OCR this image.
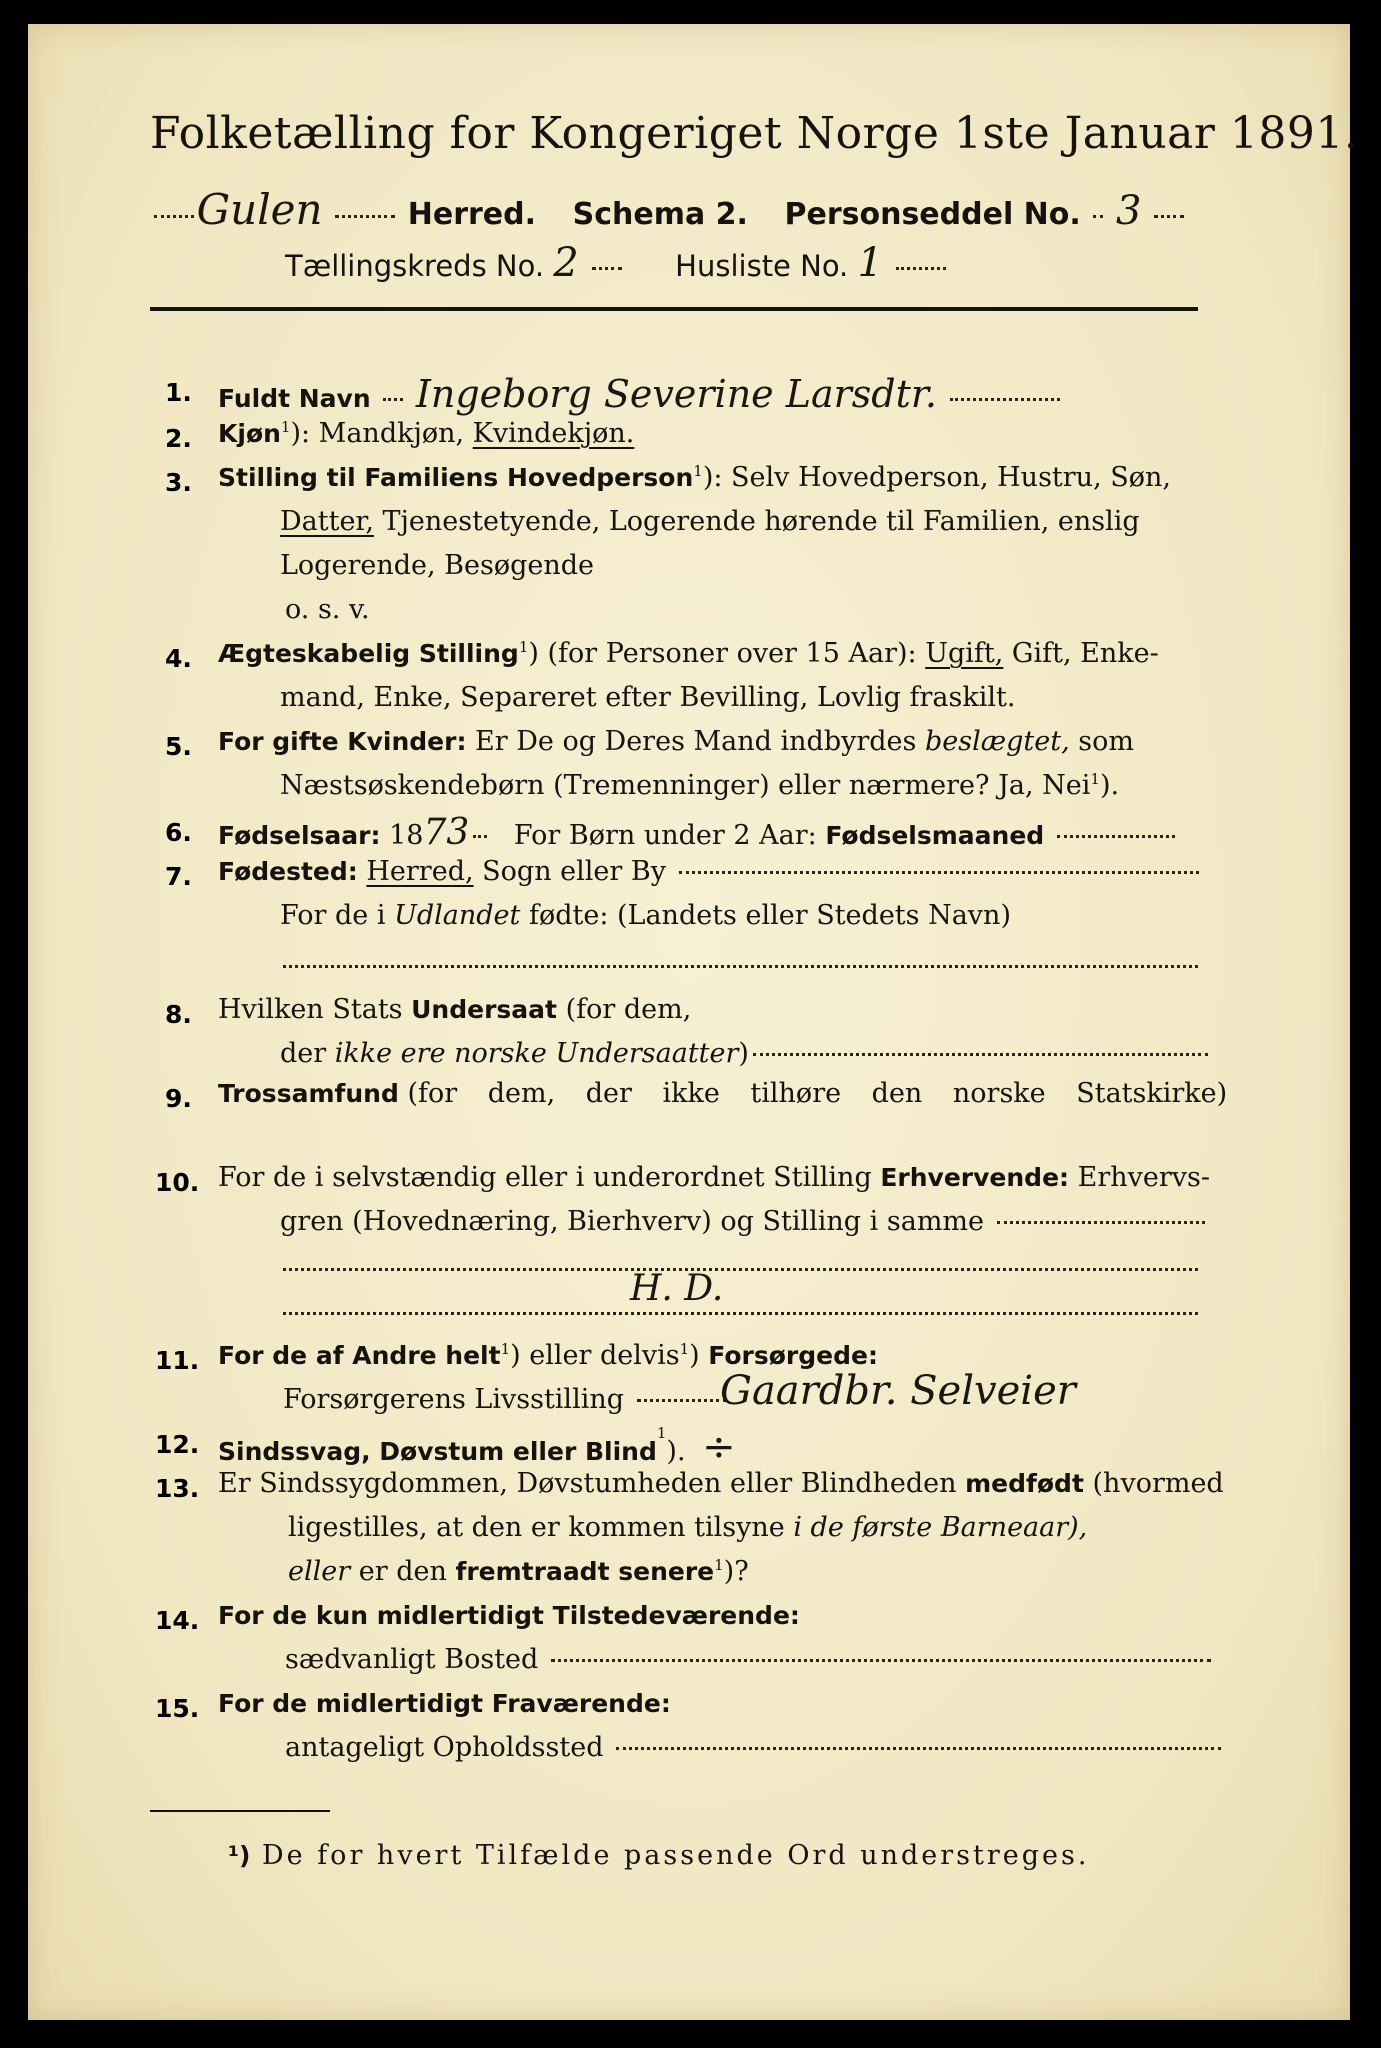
Folketælling for Kongeriget Norge 1ste Januar 1891.
Gulen	Herred. Schema 2. Personseddel No. 3
Tællingskreds No. 2	Husliste No. 1
1. Fuldt Navn Ingeborg Severine Larsdtr.
2. Kjøn$^1$): Mandkjøn, Kvindekjøn.
3. Stilling til Familiens Hovedperson$^1$): Selv Hovedperson, Hustru, Søn,
Datter, Tjenestetyende, Logerende hørende til Familien, enslig
Logerende, Besøgende
o. s. v.
4. Ægteskabelig Stilling$^1$) (for Personer over 15 Aar): Ugift, Gift, Enke-
mand, Enke, Separeret efter Bevilling, Lovlig fraskilt.
5. For gifte Kvinder: Er De og Deres Mand indbyrdes beslægtet, som
Næstsøskendebørn (Tremenninger) eller nærmere? Ja, Nei$^1$).
6. Fødselsaar: 1873 For Børn under 2 Aar: Fødselsmaaned
7. Fødested: Herred, Sogn eller By
For de i Udlandet fødte: (Landets eller Stedets Navn)
8. Hvilken Stats Undersaat (for dem,
der ikke ere norske Undersaatter)
9. Trossamfund (for dem, der ikke tilhøre den norske Statskirke)
10. For de i selvstændig eller i underordnet Stilling Erhvervende: Erhvervs-
gren (Hovednæring, Bierhverv) og Stilling i samme
H. D.
11. For de af Andre helt$^1$) eller delvis$^1$) Forsørgede:
Forsørgerens Livsstilling	Gaardbr. Selveier
12. Sindssvag, Døvstum eller Blind$^1$). ÷
13. Er Sindssygdommen, Døvstumheden eller Blindheden medfødt (hvormed
ligestilles, at den er kommen tilsyne i de første Barneaar),
eller er den fremtraadt senere$^1$)?
14. For de kun midlertidigt Tilstedeværende:
sædvanligt Bosted
15. For de midlertidigt Fraværende:
antageligt Opholdssted
¹) De for hvert Tilfælde passende Ord understreges.
